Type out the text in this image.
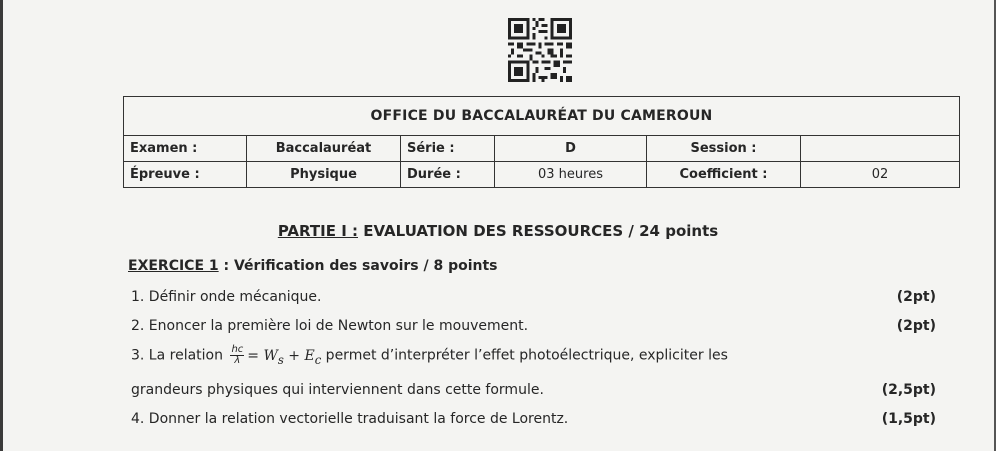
OFFICE DU BACCALAURÉAT DU CAMEROUN					
Examen :	Baccalauréat	Série :	D	Session :	
Épreuve :	Physique	Durée :	03 heures	Coefficient :	02
PARTIE I : EVALUATION DES RESSOURCES / 24 points
EXERCICE 1 : Vérification des savoirs / 8 points
1. Définir onde mécanique.	(2pt)
2. Enoncer la première loi de Newton sur le mouvement.	(2pt)
3. La relation $\frac{hc}{\lambda} = W_s + E_c$ permet d’interpréter l’effet photoélectrique, expliciter les
grandeurs physiques qui interviennent dans cette formule.	(2,5pt)
4. Donner la relation vectorielle traduisant la force de Lorentz.	(1,5pt)
